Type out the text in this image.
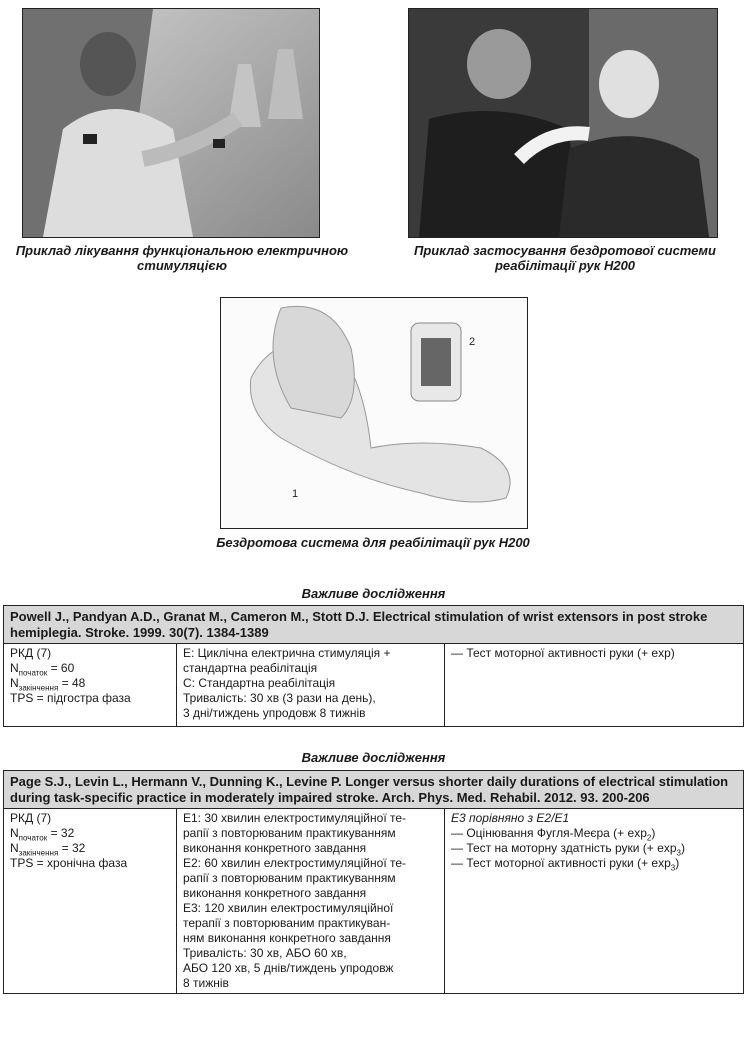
Приклад лікування функціональною електричною стимуляцією
Приклад застосування бездротової системи реабілітації рук H200
1
2
Бездротова система для реабілітації рук H200
Важливе дослідження
Powell J., Pandyan A.D., Granat M., Cameron M., Stott D.J. Electrical stimulation of wrist extensors in post stroke hemiplegia. Stroke. 1999. 30(7). 1384-1389

РКД (7)
$N_{початок} = 60$
$N_{закінчення} = 48$
TPS = підгостра фаза

Е: Циклічна електрична стимуляція +
стандартна реабілітація
С: Стандартна реабілітація
Тривалість: 30 хв (3 рази на день),
3 дні/тиждень упродовж 8 тижнів

— Тест моторної активності руки (+ exp)
Важливе дослідження
Page S.J., Levin L., Hermann V., Dunning K., Levine P. Longer versus shorter daily durations of electrical stimulation during task-specific practice in moderately impaired stroke. Arch. Phys. Med. Rehabil. 2012. 93. 200-206

РКД (7)
$N_{початок} = 32$
$N_{закінчення} = 32$
TPS = хронічна фаза

Е1: 30 хвилин електростимуляційної те-
рапії з повторюваним практикуванням
виконання конкретного завдання
Е2: 60 хвилин електростимуляційної те-
рапії з повторюваним практикуванням
виконання конкретного завдання
Е3: 120 хвилин електростимуляційної
терапії з повторюваним практикуван-
ням виконання конкретного завдання
Тривалість: 30 хв, АБО 60 хв,
АБО 120 хв, 5 днів/тиждень упродовж
8 тижнів

Е3 порівняно з Е2/Е1
— Оцінювання Фугля-Меєра (+ $\exp_2$)
— Тест на моторну здатність руки (+ $\exp_3$)
— Тест моторної активності руки (+ $\exp_3$)
